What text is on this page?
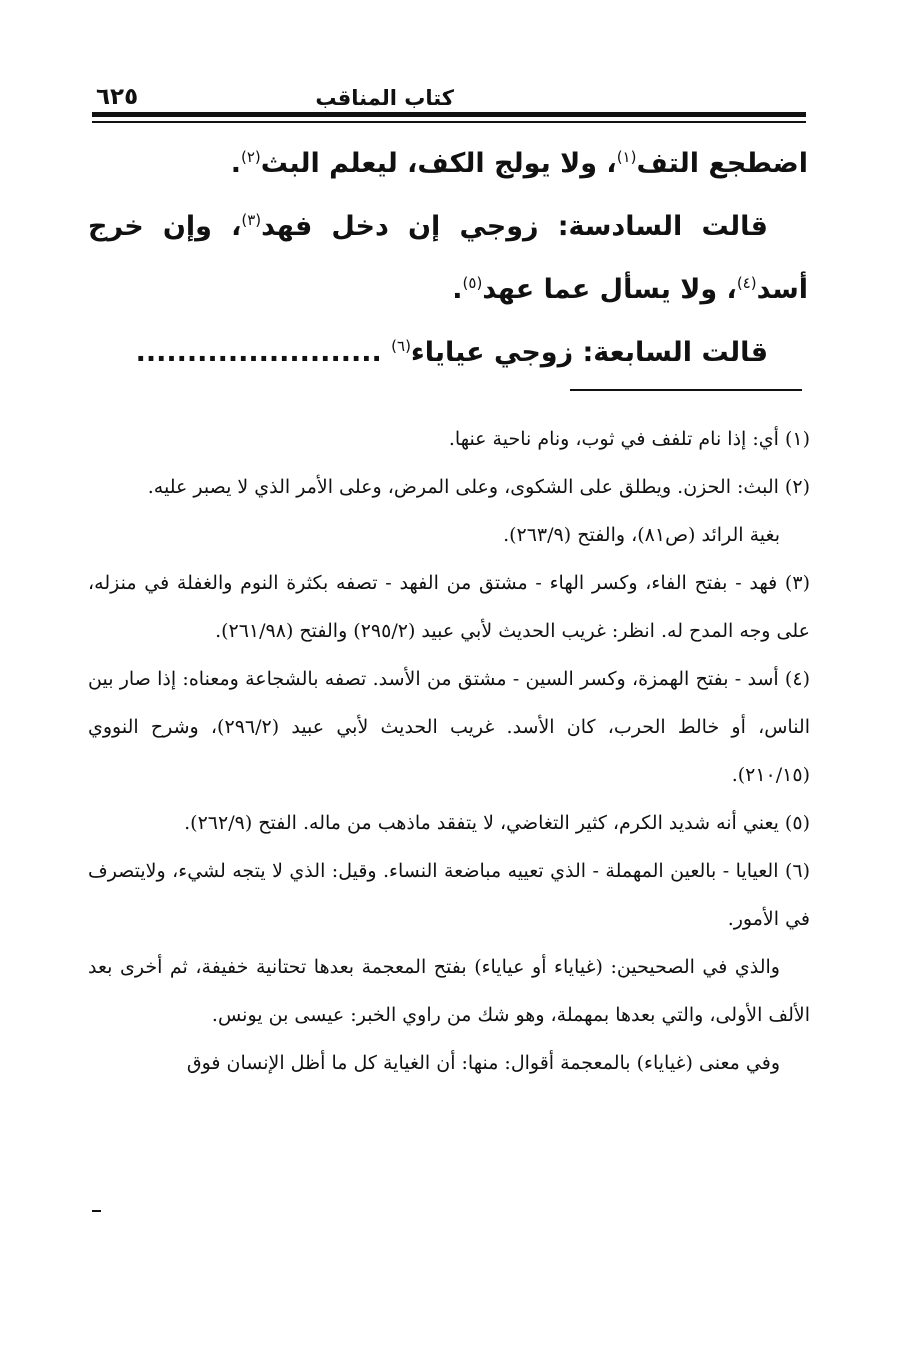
كتاب المناقب
٦٢٥

اضطجع التف$^{(١)}$، ولا يولج الكف، ليعلم البث$^{(٢)}$.

قالت السادسة: زوجي إن دخل فهد$^{(٣)}$، وإن خرج أسد$^{(٤)}$، ولا يسأل عما عهد$^{(٥)}$.

قالت السابعة: زوجي عياياء$^{(٦)}$ ........................

(١) أي: إذا نام تلفف في ثوب، ونام ناحية عنها.

(٢) البث: الحزن. ويطلق على الشكوى، وعلى المرض، وعلى الأمر الذي لا يصبر عليه.

بغية الرائد (ص٨١)، والفتح (٢٦٣/٩).

(٣) فهد - بفتح الفاء، وكسر الهاء - مشتق من الفهد - تصفه بكثرة النوم والغفلة في منزله، على وجه المدح له. انظر: غريب الحديث لأبي عبيد (٢٩٥/٢) والفتح (٢٦١/٩٨).

(٤) أسد - بفتح الهمزة، وكسر السين - مشتق من الأسد. تصفه بالشجاعة ومعناه: إذا صار بين الناس، أو خالط الحرب، كان الأسد. غريب الحديث لأبي عبيد (٢٩٦/٢)، وشرح النووي (٢١٠/١٥).

(٥) يعني أنه شديد الكرم، كثير التغاضي، لا يتفقد ماذهب من ماله. الفتح (٢٦٢/٩).

(٦) العيايا - بالعين المهملة - الذي تعييه مباضعة النساء. وقيل: الذي لا يتجه لشيء، ولايتصرف في الأمور.

والذي في الصحيحين: (غياياء أو عياياء) بفتح المعجمة بعدها تحتانية خفيفة، ثم أخرى بعد الألف الأولى، والتي بعدها بمهملة، وهو شك من راوي الخبر: عيسى بن يونس.

وفي معنى (غياياء) بالمعجمة أقوال: منها: أن الغياية كل ما أظل الإنسان فوق
